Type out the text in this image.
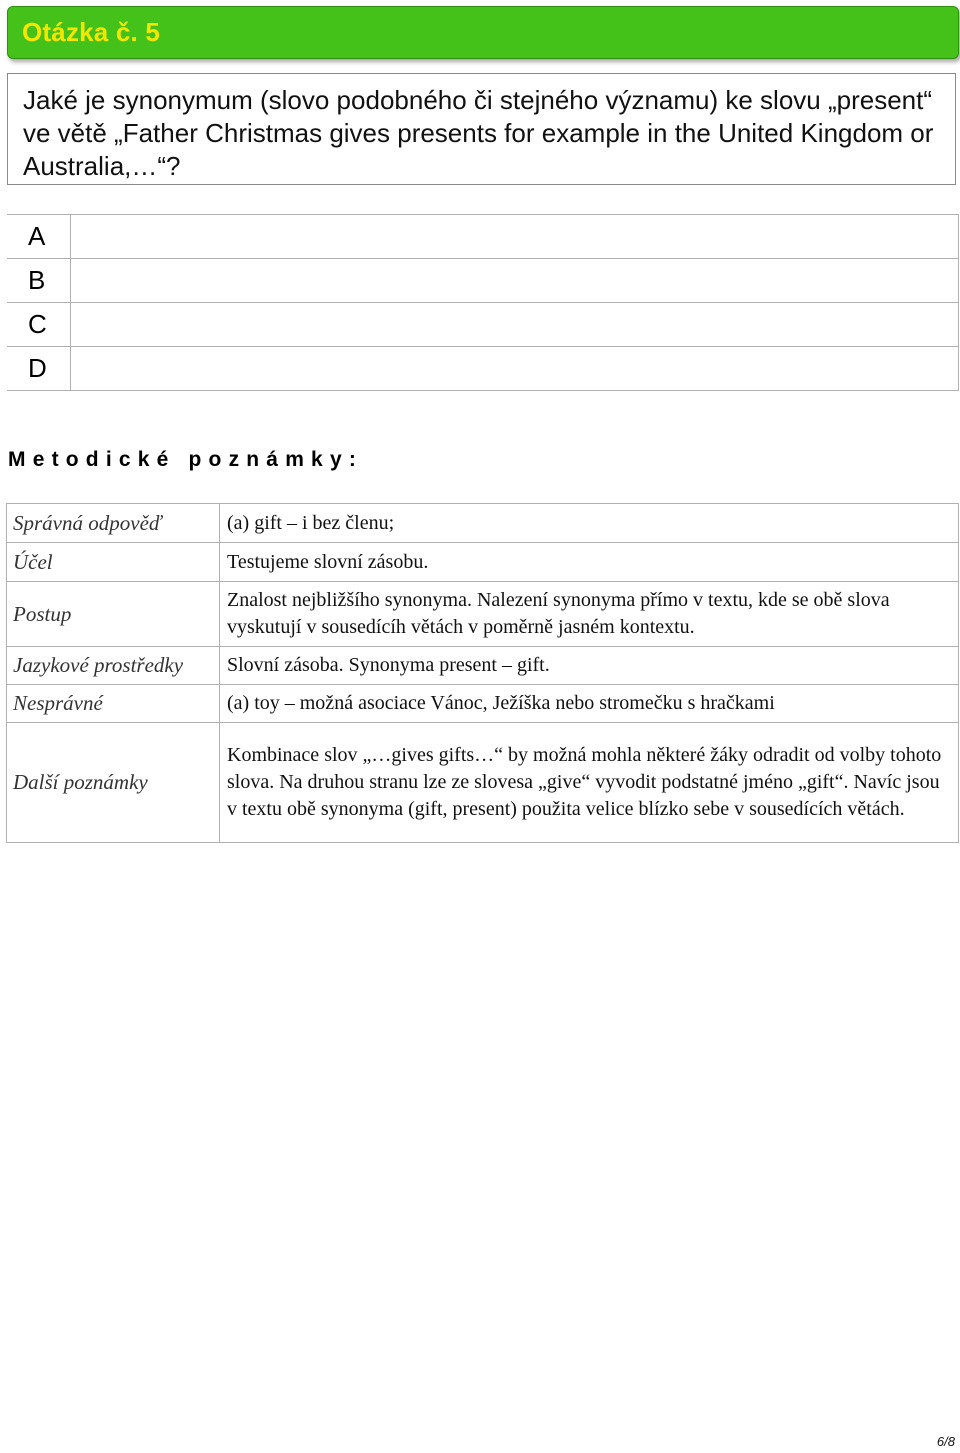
Otázka č. 5
Jaké je synonymum (slovo podobného či stejného významu) ke slovu „present“ ve větě „Father Christmas gives presents for example in the United Kingdom or Australia,…“?
A	
B	
C	
D	
Metodické poznámky:
Správná odpověď	(a) gift – i bez členu;
Účel	Testujeme slovní zásobu.
Postup	Znalost nejbližšího synonyma. Nalezení synonyma přímo v textu, kde se obě slova vyskutují v sousedícíh větách v poměrně jasném kontextu.
Jazykové prostředky	Slovní zásoba. Synonyma present – gift.
Nesprávné	(a) toy – možná asociace Vánoc, Ježíška nebo stromečku s hračkami
Další poznámky	Kombinace slov „…gives gifts…“ by možná mohla některé žáky odradit od volby tohoto slova. Na druhou stranu lze ze slovesa „give“ vyvodit podstatné jméno „gift“. Navíc jsou v textu obě synonyma (gift, present) použita velice blízko sebe v sousedících větách.
6/8
